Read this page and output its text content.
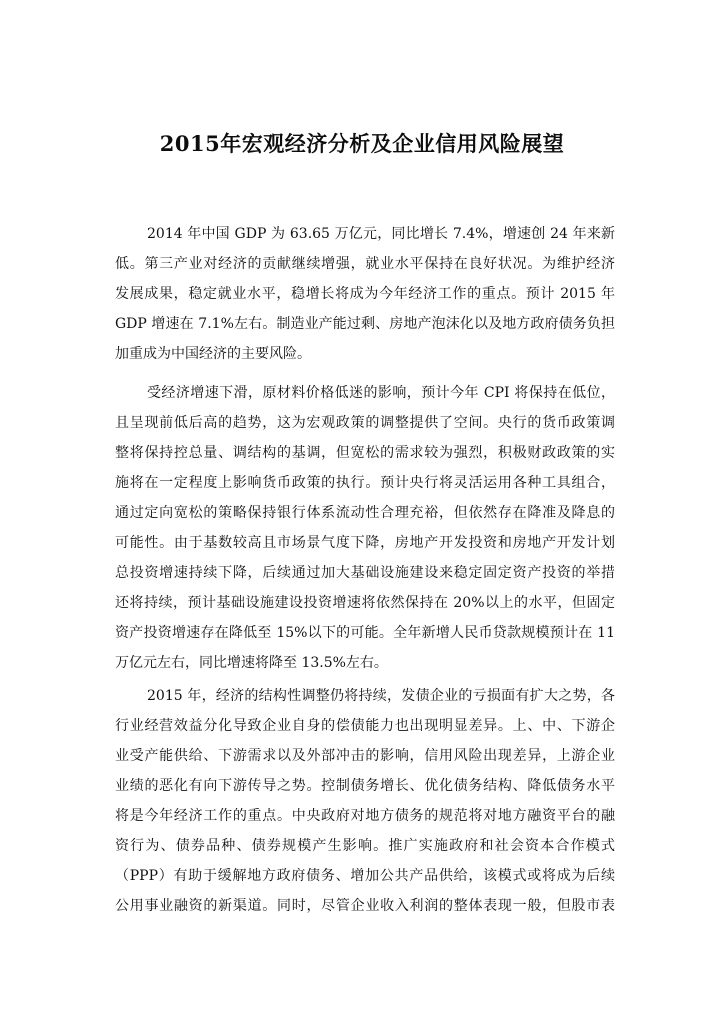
2015年宏观经济分析及企业信用风险展望
2014 年中国 GDP 为 63.65 万亿元，同比增长 7.4%，增速创 24 年来新
低。第三产业对经济的贡献继续增强，就业水平保持在良好状况。为维护经济
发展成果，稳定就业水平，稳增长将成为今年经济工作的重点。预计 2015 年
GDP 增速在 7.1%左右。制造业产能过剩、房地产泡沫化以及地方政府债务负担
加重成为中国经济的主要风险。
受经济增速下滑，原材料价格低迷的影响，预计今年 CPI 将保持在低位，
且呈现前低后高的趋势，这为宏观政策的调整提供了空间。央行的货币政策调
整将保持控总量、调结构的基调，但宽松的需求较为强烈，积极财政政策的实
施将在一定程度上影响货币政策的执行。预计央行将灵活运用各种工具组合，
通过定向宽松的策略保持银行体系流动性合理充裕，但依然存在降准及降息的
可能性。由于基数较高且市场景气度下降，房地产开发投资和房地产开发计划
总投资增速持续下降，后续通过加大基础设施建设来稳定固定资产投资的举措
还将持续，预计基础设施建设投资增速将依然保持在 20%以上的水平，但固定
资产投资增速存在降低至 15%以下的可能。全年新增人民币贷款规模预计在 11
万亿元左右，同比增速将降至 13.5%左右。
2015 年，经济的结构性调整仍将持续，发债企业的亏损面有扩大之势，各
行业经营效益分化导致企业自身的偿债能力也出现明显差异。上、中、下游企
业受产能供给、下游需求以及外部冲击的影响，信用风险出现差异，上游企业
业绩的恶化有向下游传导之势。控制债务增长、优化债务结构、降低债务水平
将是今年经济工作的重点。中央政府对地方债务的规范将对地方融资平台的融
资行为、债券品种、债券规模产生影响。推广实施政府和社会资本合作模式
（PPP）有助于缓解地方政府债务、增加公共产品供给，该模式或将成为后续
公用事业融资的新渠道。同时，尽管企业收入利润的整体表现一般，但股市表
